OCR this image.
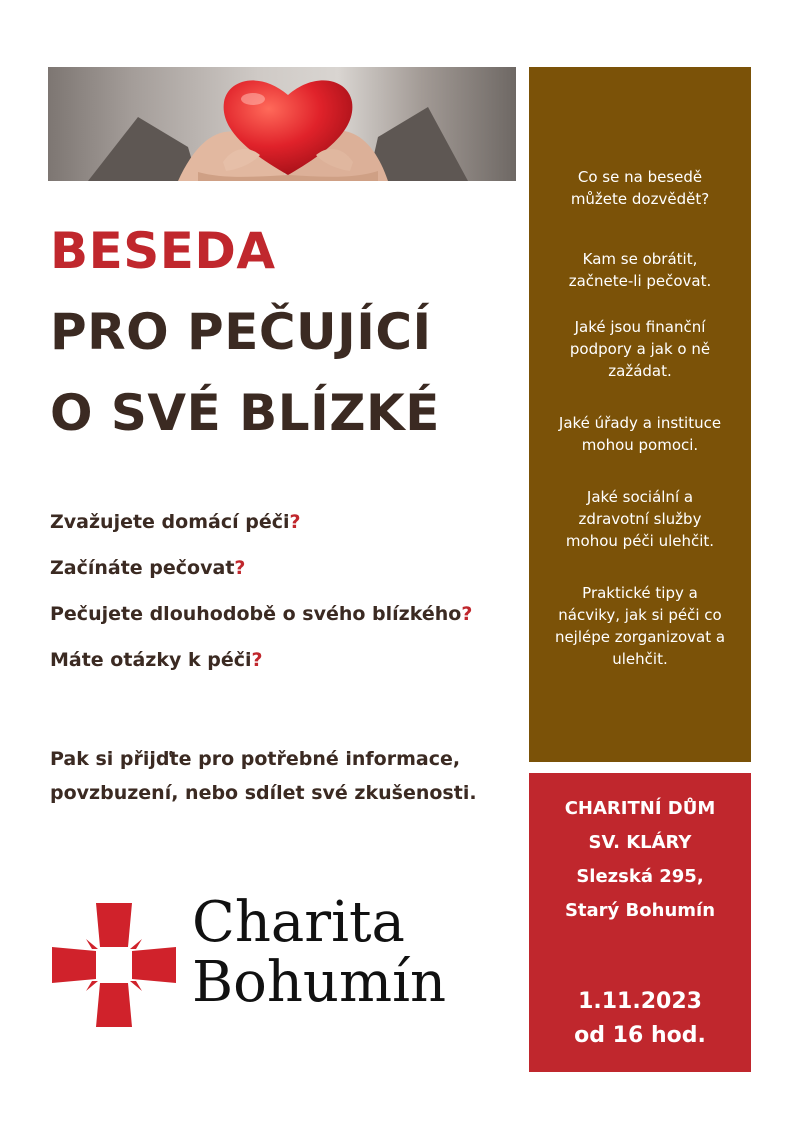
BESEDA
PRO PEČUJÍCÍ
O SVÉ BLÍZKÉ
Zvažujete domácí péči?
Začínáte pečovat?
Pečujete dlouhodobě o svého blízkého?
Máte otázky k péči?
Pak si přijďte pro potřebné informace,
povzbuzení, nebo sdílet své zkušenosti.
Charita
Bohumín
Co se na besedě
můžete dozvědět?
Kam se obrátit,
začnete-li pečovat.
Jaké jsou finanční
podpory a jak o ně
zažádat.
Jaké úřady a instituce
mohou pomoci.
Jaké sociální a
zdravotní služby
mohou péči ulehčit.
Praktické tipy a
nácviky, jak si péči co
nejlépe zorganizovat a
ulehčit.
CHARITNÍ DŮM
SV. KLÁRY
Slezská 295,
Starý Bohumín
1.11.2023
od 16 hod.
